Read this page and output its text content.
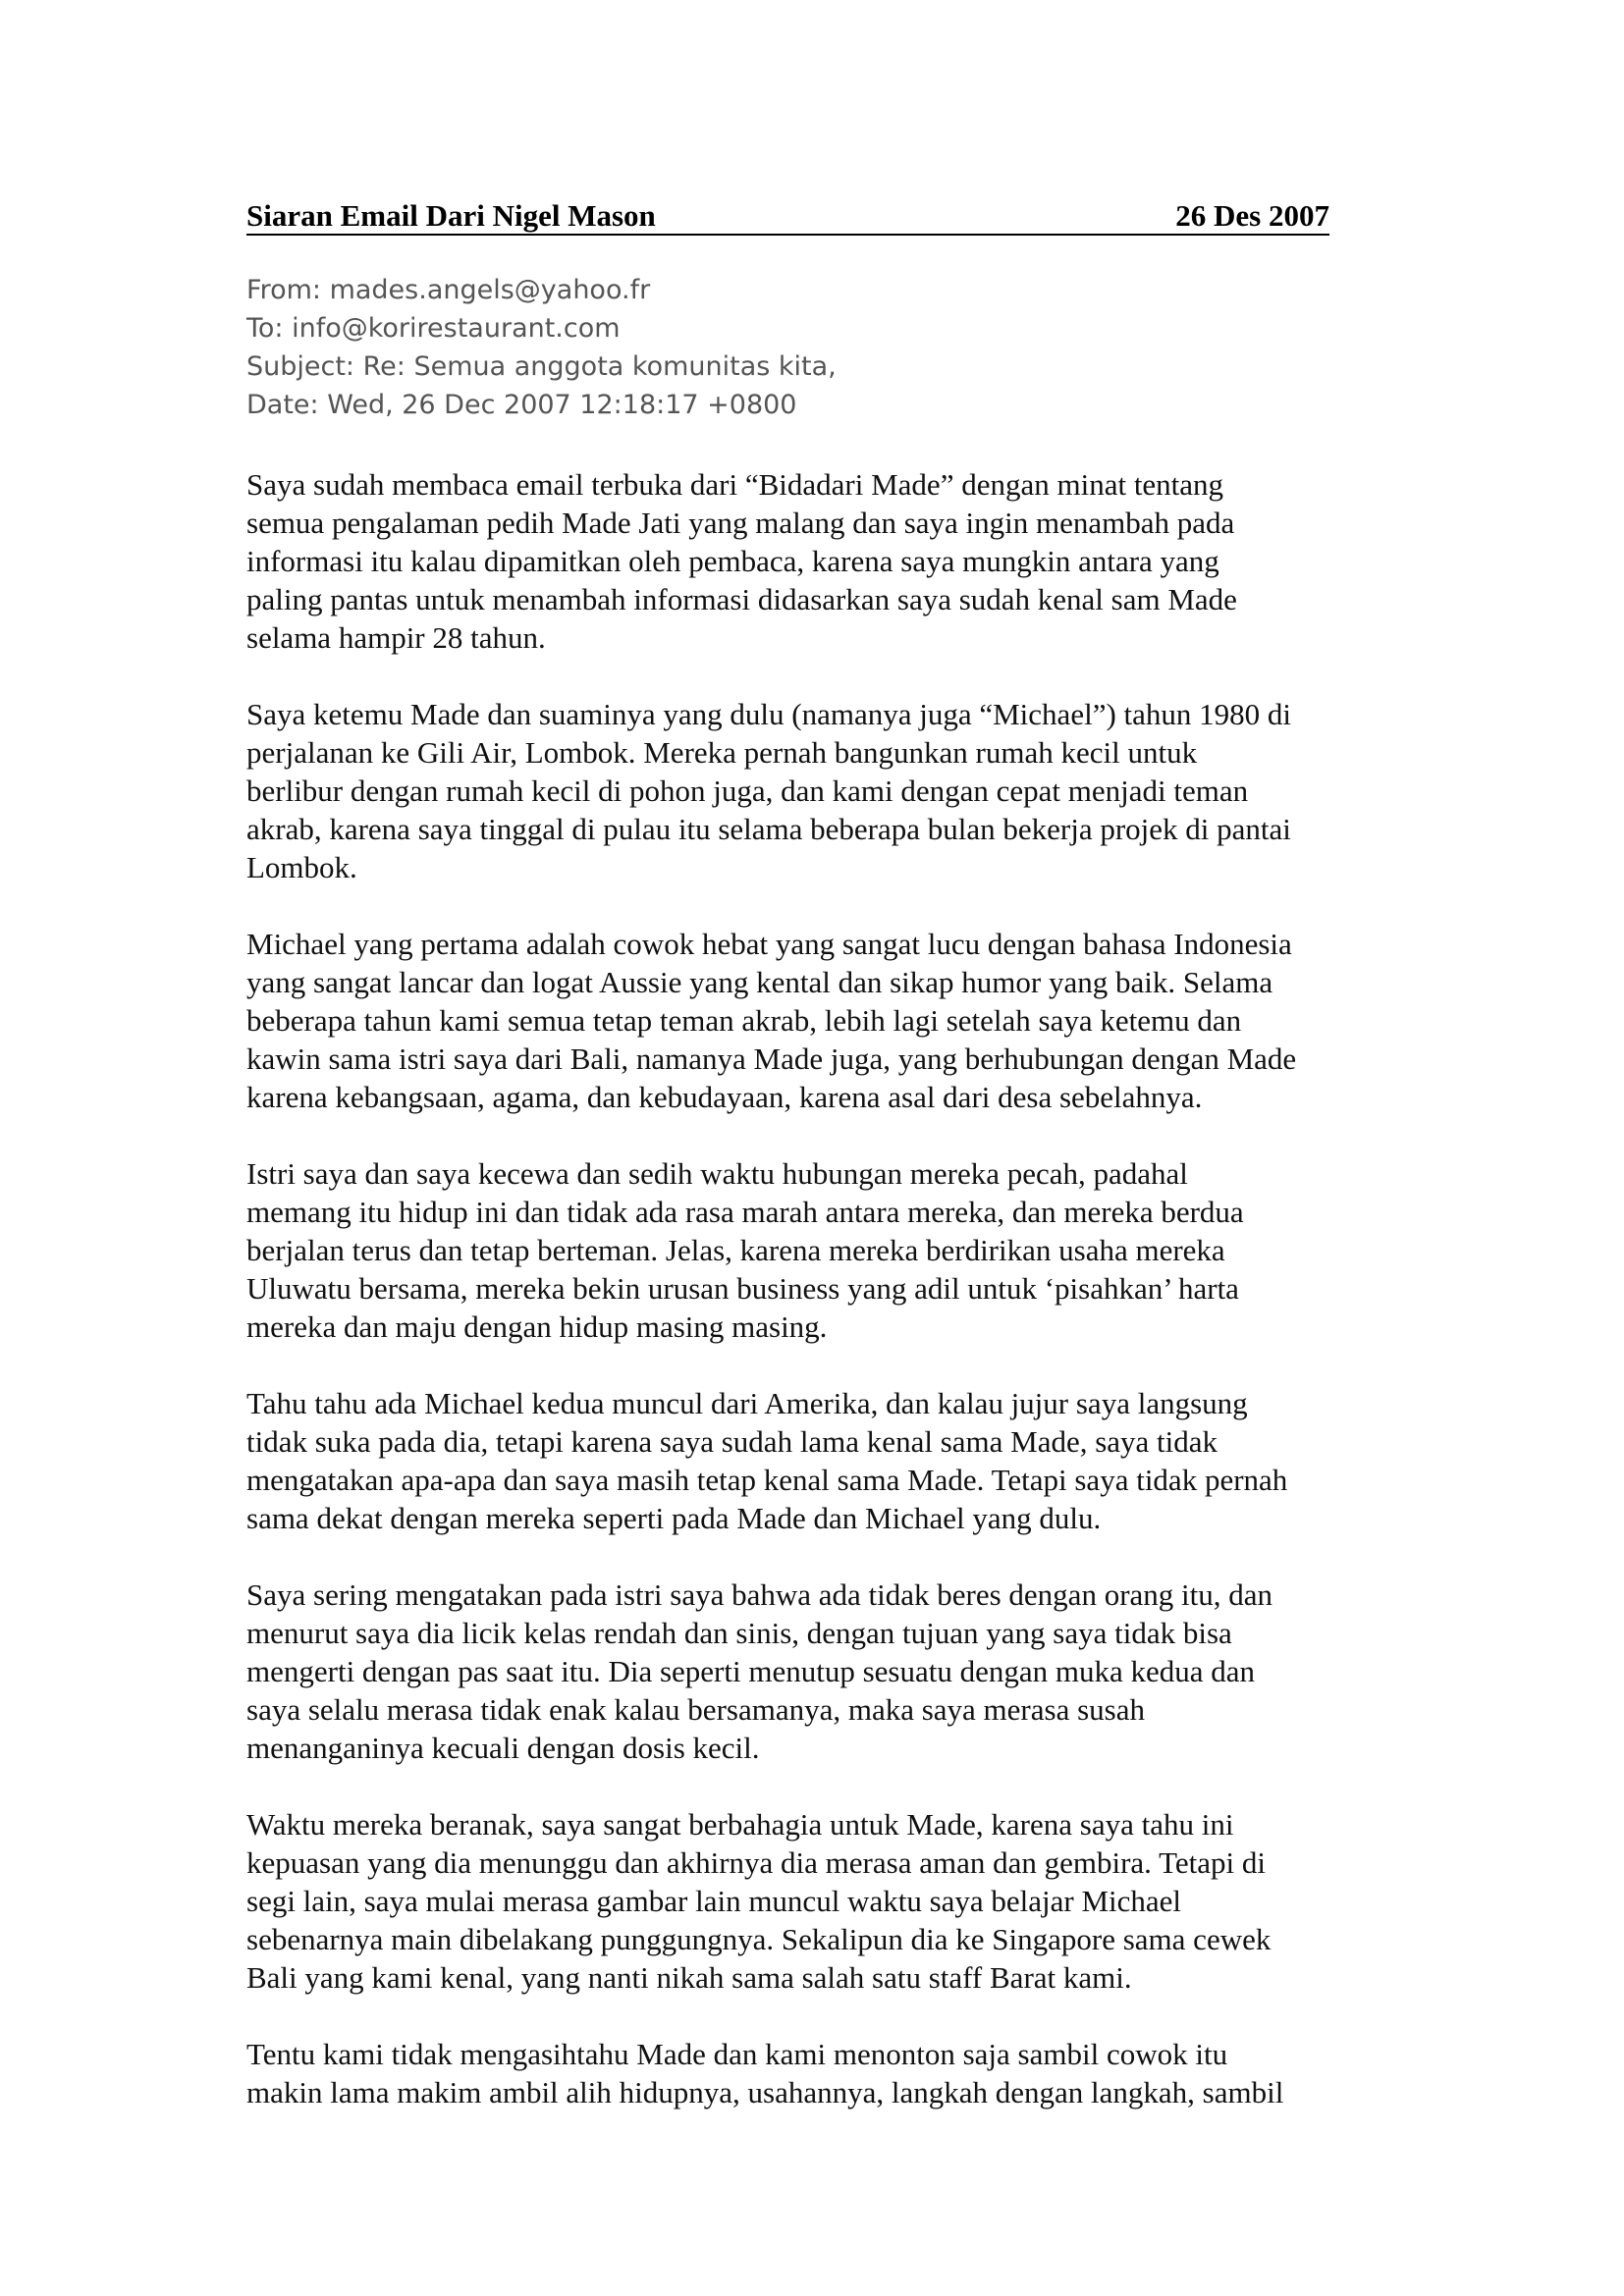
Siaran Email Dari Nigel Mason	26 Des 2007
From: mades.angels@yahoo.fr
To: info@korirestaurant.com
Subject: Re: Semua anggota komunitas kita,
Date: Wed, 26 Dec 2007 12:18:17 +0800

Saya sudah membaca email terbuka dari “Bidadari Made” dengan minat tentang
semua pengalaman pedih Made Jati yang malang dan saya ingin menambah pada
informasi itu kalau dipamitkan oleh pembaca, karena saya mungkin antara yang
paling pantas untuk menambah informasi didasarkan saya sudah kenal sam Made
selama hampir 28 tahun.

Saya ketemu Made dan suaminya yang dulu (namanya juga “Michael”) tahun 1980 di
perjalanan ke Gili Air, Lombok. Mereka pernah bangunkan rumah kecil untuk
berlibur dengan rumah kecil di pohon juga, dan kami dengan cepat menjadi teman
akrab, karena saya tinggal di pulau itu selama beberapa bulan bekerja projek di pantai
Lombok.

Michael yang pertama adalah cowok hebat yang sangat lucu dengan bahasa Indonesia
yang sangat lancar dan logat Aussie yang kental dan sikap humor yang baik. Selama
beberapa tahun kami semua tetap teman akrab, lebih lagi setelah saya ketemu dan
kawin sama istri saya dari Bali, namanya Made juga, yang berhubungan dengan Made
karena kebangsaan, agama, dan kebudayaan, karena asal dari desa sebelahnya.

Istri saya dan saya kecewa dan sedih waktu hubungan mereka pecah, padahal
memang itu hidup ini dan tidak ada rasa marah antara mereka, dan mereka berdua
berjalan terus dan tetap berteman. Jelas, karena mereka berdirikan usaha mereka
Uluwatu bersama, mereka bekin urusan business yang adil untuk ‘pisahkan’ harta
mereka dan maju dengan hidup masing masing.

Tahu tahu ada Michael kedua muncul dari Amerika, dan kalau jujur saya langsung
tidak suka pada dia, tetapi karena saya sudah lama kenal sama Made, saya tidak
mengatakan apa-apa dan saya masih tetap kenal sama Made. Tetapi saya tidak pernah
sama dekat dengan mereka seperti pada Made dan Michael yang dulu.

Saya sering mengatakan pada istri saya bahwa ada tidak beres dengan orang itu, dan
menurut saya dia licik kelas rendah dan sinis, dengan tujuan yang saya tidak bisa
mengerti dengan pas saat itu. Dia seperti menutup sesuatu dengan muka kedua dan
saya selalu merasa tidak enak kalau bersamanya, maka saya merasa susah
menanganinya kecuali dengan dosis kecil.

Waktu mereka beranak, saya sangat berbahagia untuk Made, karena saya tahu ini
kepuasan yang dia menunggu dan akhirnya dia merasa aman dan gembira. Tetapi di
segi lain, saya mulai merasa gambar lain muncul waktu saya belajar Michael
sebenarnya main dibelakang punggungnya. Sekalipun dia ke Singapore sama cewek
Bali yang kami kenal, yang nanti nikah sama salah satu staff Barat kami.

Tentu kami tidak mengasihtahu Made dan kami menonton saja sambil cowok itu
makin lama makim ambil alih hidupnya, usahannya, langkah dengan langkah, sambil
